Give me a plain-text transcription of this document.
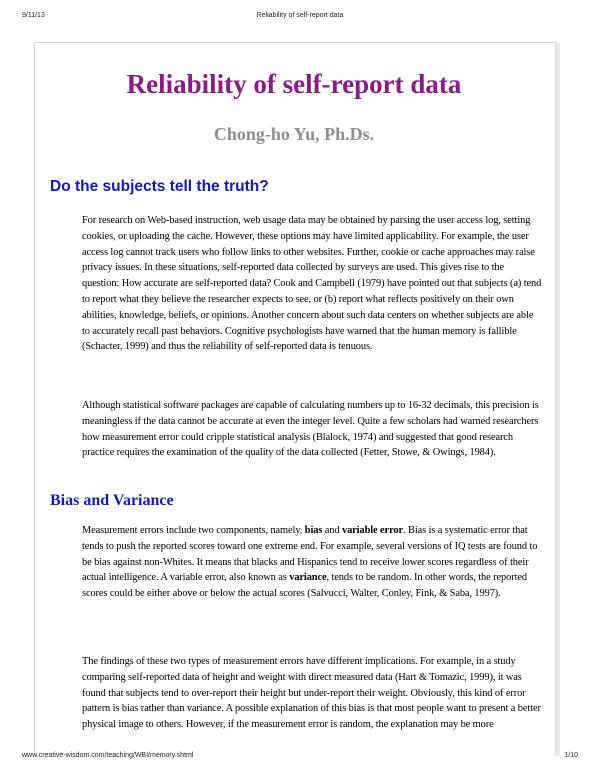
9/11/13	Reliability of self-report data
Reliability of self-report data
Chong-ho Yu, Ph.Ds.
Do the subjects tell the truth?

For research on Web-based instruction, web usage data may be obtained by parsing the user access log, setting cookies, or uploading the cache. However, these options may have limited applicability. For example, the user access log cannot track users who follow links to other websites. Further, cookie or cache approaches may raise privacy issues. In these situations, self-reported data collected by surveys are used. This gives rise to the question: How accurate are self-reported data? Cook and Campbell (1979) have pointed out that subjects (a) tend to report what they believe the researcher expects to see, or (b) report what reflects positively on their own abilities, knowledge, beliefs, or opinions. Another concern about such data centers on whether subjects are able to accurately recall past behaviors. Cognitive psychologists have warned that the human memory is fallible (Schacter, 1999) and thus the reliability of self-reported data is tenuous.

Although statistical software packages are capable of calculating numbers up to 16-32 decimals, this precision is meaningless if the data cannot be accurate at even the integer level. Quite a few scholars had warned researchers how measurement error could cripple statistical analysis (Blalock, 1974) and suggested that good research practice requires the examination of the quality of the data collected (Fetter, Stowe, & Owings, 1984).

Bias and Variance

Measurement errors include two components, namely, bias and variable error. Bias is a systematic error that tends to push the reported scores toward one extreme end. For example, several versions of IQ tests are found to be bias against non-Whites. It means that blacks and Hispanics tend to receive lower scores regardless of their actual intelligence. A variable error, also known as variance, tends to be random. In other words, the reported scores could be either above or below the actual scores (Salvucci, Walter, Conley, Fink, & Saba, 1997).

The findings of these two types of measurement errors have different implications. For example, in a study comparing self-reported data of height and weight with direct measured data (Hart & Tomazic, 1999), it was found that subjects tend to over-report their height but under-report their weight. Obviously, this kind of error pattern is bias rather than variance. A possible explanation of this bias is that most people want to present a better physical image to others. However, if the measurement error is random, the explanation may be more

www.creative-wisdom.com/teaching/WBI/memory.shtml	1/10
